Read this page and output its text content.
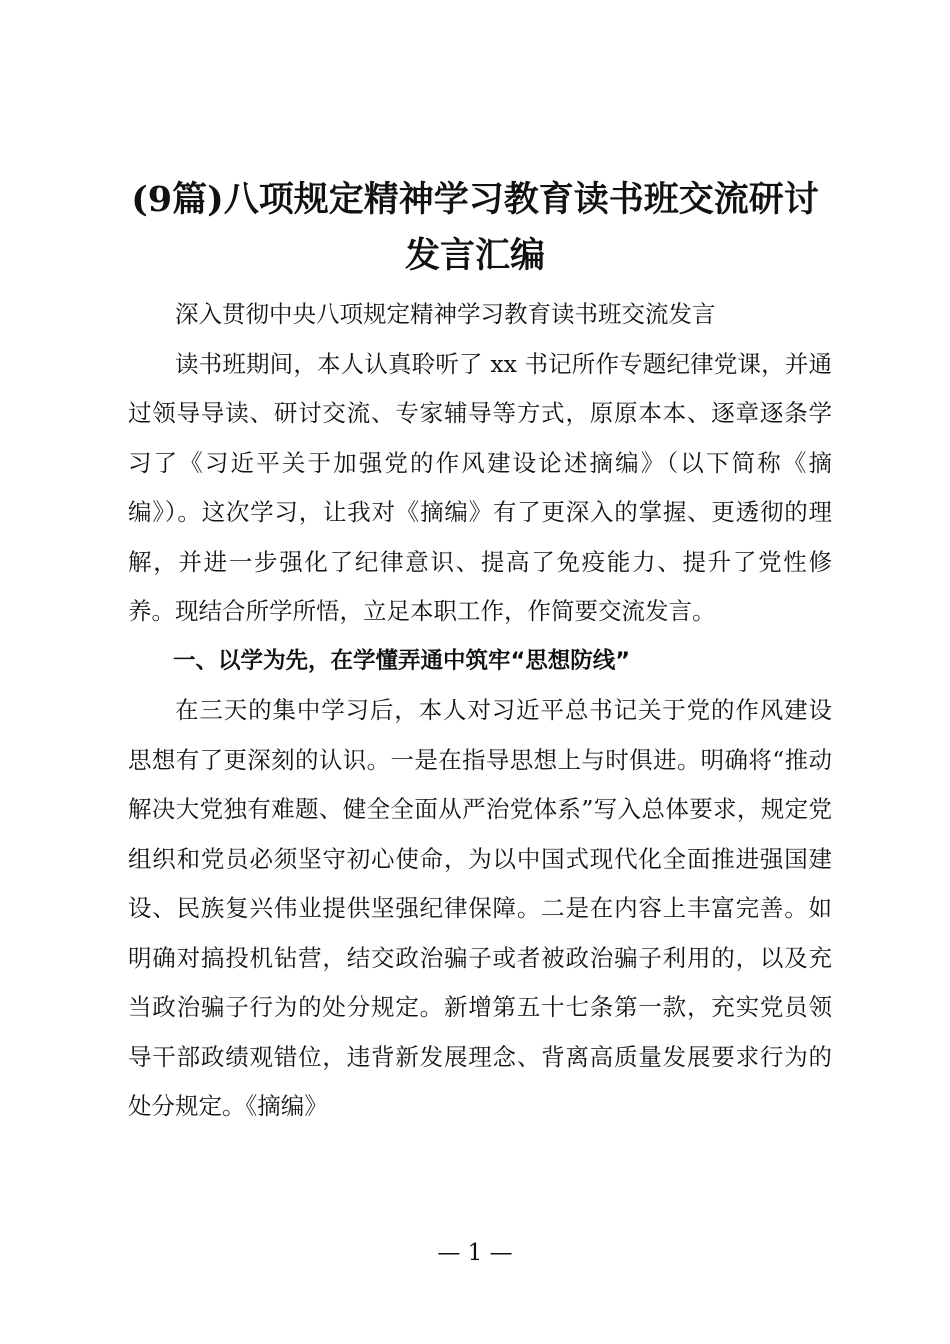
(9篇)八项规定精神学习教育读书班交流研讨
发言汇编

深入贯彻中央八项规定精神学习教育读书班交流发言

读书班期间，本人认真聆听了 xx 书记所作专题纪律党课，并通过领导导读、研讨交流、专家辅导等方式，原原本本、逐章逐条学习了《习近平关于加强党的作风建设论述摘编》（以下简称《摘编》）。这次学习，让我对《摘编》有了更深入的掌握、更透彻的理解，并进一步强化了纪律意识、提高了免疫能力、提升了党性修养。现结合所学所悟，立足本职工作，作简要交流发言。

一、以学为先，在学懂弄通中筑牢“思想防线”

在三天的集中学习后，本人对习近平总书记关于党的作风建设思想有了更深刻的认识。一是在指导思想上与时俱进。明确将“推动解决大党独有难题、健全全面从严治党体系”写入总体要求，规定党组织和党员必须坚守初心使命，为以中国式现代化全面推进强国建设、民族复兴伟业提供坚强纪律保障。二是在内容上丰富完善。如明确对搞投机钻营，结交政治骗子或者被政治骗子利用的，以及充当政治骗子行为的处分规定。新增第五十七条第一款，充实党员领导干部政绩观错位，违背新发展理念、背离高质量发展要求行为的处分规定。《摘编》

— 1 —
